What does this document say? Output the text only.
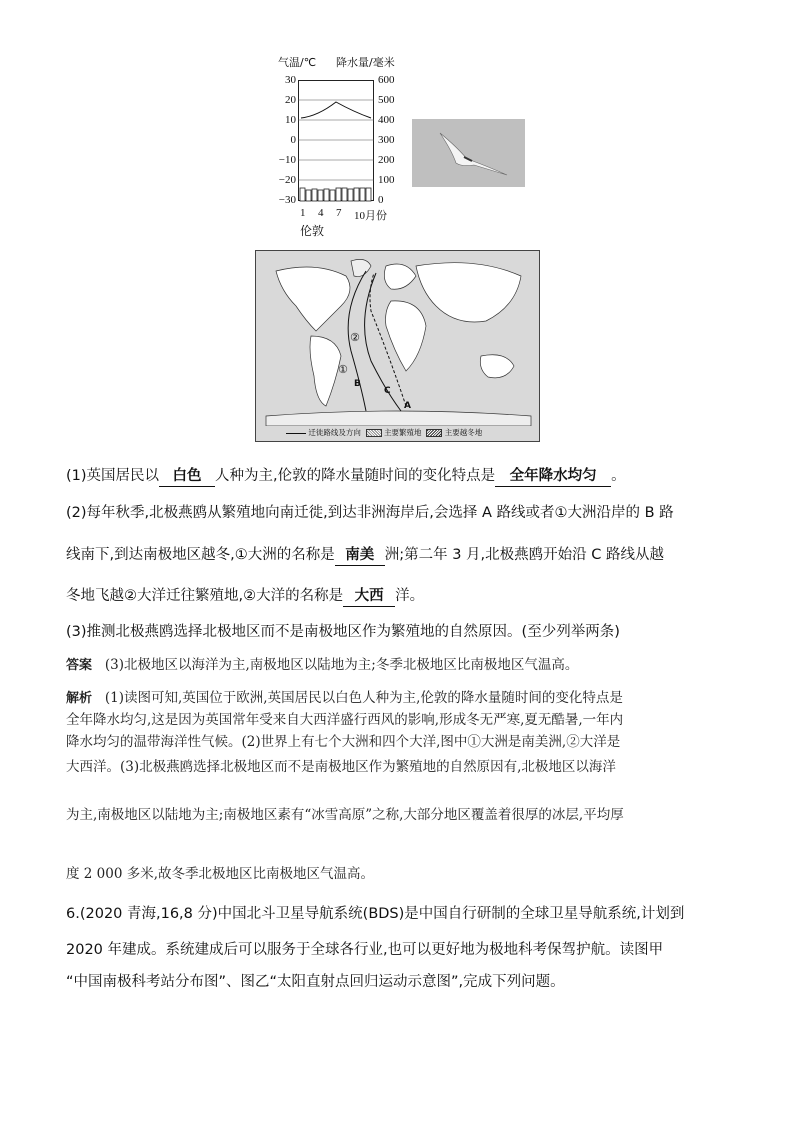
气温/℃ 降水量/毫米
30
20
10
0
−10
−20
−30
600
500
400
300
200
100
0
1 4 7 10月份
伦敦
①
②
A
B
C
迁徙路线及方向	主要繁殖地	主要越冬地
(1)英国居民以 白色 人种为主,伦敦的降水量随时间的变化特点是 全年降水均匀 。
(2)每年秋季,北极燕鸥从繁殖地向南迁徙,到达非洲海岸后,会选择 A 路线或者①大洲沿岸的 B 路
线南下,到达南极地区越冬,①大洲的名称是 南美 洲;第二年 3 月,北极燕鸥开始沿 C 路线从越
冬地飞越②大洋迁往繁殖地,②大洋的名称是 大西 洋。
(3)推测北极燕鸥选择北极地区而不是南极地区作为繁殖地的自然原因。(至少列举两条)
答案 (3)北极地区以海洋为主,南极地区以陆地为主;冬季北极地区比南极地区气温高。
解析 (1)读图可知,英国位于欧洲,英国居民以白色人种为主,伦敦的降水量随时间的变化特点是
全年降水均匀,这是因为英国常年受来自大西洋盛行西风的影响,形成冬无严寒,夏无酷暑,一年内
降水均匀的温带海洋性气候。(2)世界上有七个大洲和四个大洋,图中①大洲是南美洲,②大洋是
大西洋。(3)北极燕鸥选择北极地区而不是南极地区作为繁殖地的自然原因有,北极地区以海洋
为主,南极地区以陆地为主;南极地区素有“冰雪高原”之称,大部分地区覆盖着很厚的冰层,平均厚
度 2 000 多米,故冬季北极地区比南极地区气温高。
6.(2020 青海,16,8 分)中国北斗卫星导航系统(BDS)是中国自行研制的全球卫星导航系统,计划到
2020 年建成。系统建成后可以服务于全球各行业,也可以更好地为极地科考保驾护航。读图甲
“中国南极科考站分布图”、图乙“太阳直射点回归运动示意图”,完成下列问题。
